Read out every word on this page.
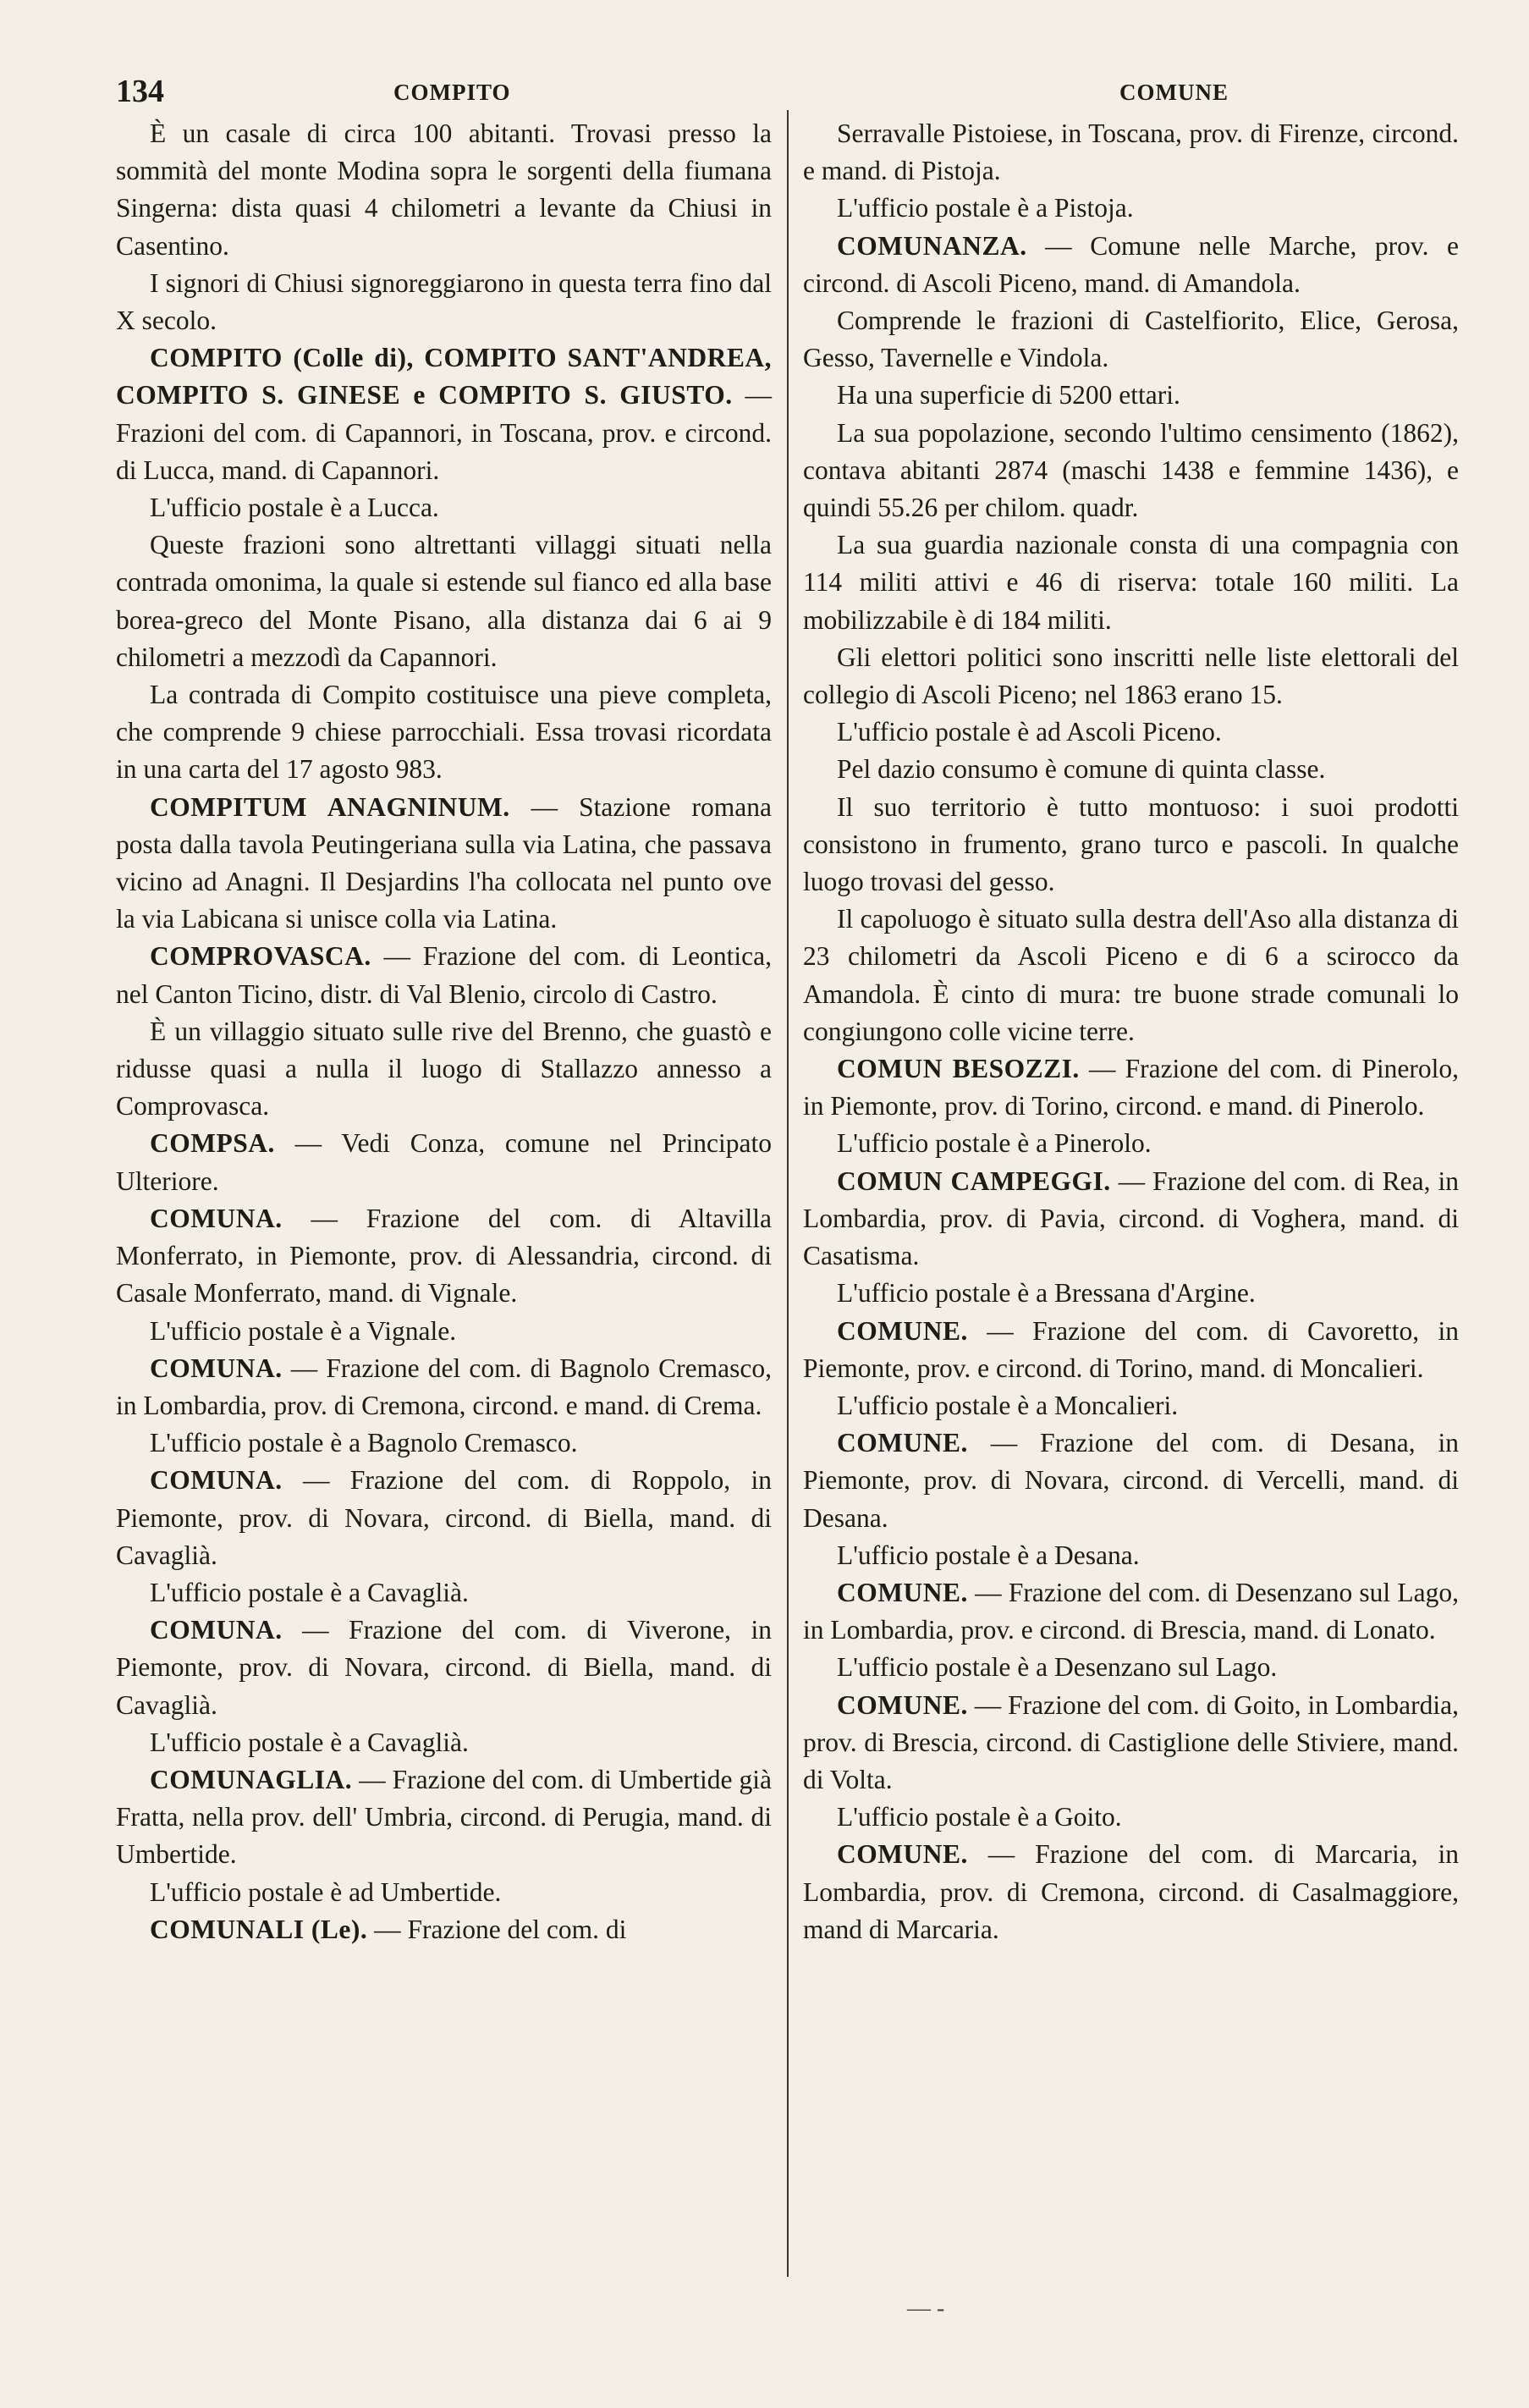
134	COMPITO	COMUNE

È un casale di circa 100 abitanti. Trovasi presso la sommità del monte Modina sopra le sorgenti della fiumana Singerna: dista quasi 4 chilometri a levante da Chiusi in Casentino.

I signori di Chiusi signoreggiarono in questa terra fino dal X secolo.

COMPITO (Colle di), COMPITO SANT'ANDREA, COMPITO S. GINESE e COMPITO S. GIUSTO. — Frazioni del com. di Capannori, in Toscana, prov. e circond. di Lucca, mand. di Capannori.

L'ufficio postale è a Lucca.

Queste frazioni sono altrettanti villaggi situati nella contrada omonima, la quale si estende sul fianco ed alla base borea-greco del Monte Pisano, alla distanza dai 6 ai 9 chilometri a mezzodì da Capannori.

La contrada di Compito costituisce una pieve completa, che comprende 9 chiese parrocchiali. Essa trovasi ricordata in una carta del 17 agosto 983.

COMPITUM ANAGNINUM. — Stazione romana posta dalla tavola Peutingeriana sulla via Latina, che passava vicino ad Anagni. Il Desjardins l'ha collocata nel punto ove la via Labicana si unisce colla via Latina.

COMPROVASCA. — Frazione del com. di Leontica, nel Canton Ticino, distr. di Val Blenio, circolo di Castro.

È un villaggio situato sulle rive del Brenno, che guastò e ridusse quasi a nulla il luogo di Stallazzo annesso a Comprovasca.

COMPSA. — Vedi Conza, comune nel Principato Ulteriore.

COMUNA. — Frazione del com. di Altavilla Monferrato, in Piemonte, prov. di Alessandria, circond. di Casale Monferrato, mand. di Vignale.

L'ufficio postale è a Vignale.

COMUNA. — Frazione del com. di Bagnolo Cremasco, in Lombardia, prov. di Cremona, circond. e mand. di Crema.

L'ufficio postale è a Bagnolo Cremasco.

COMUNA. — Frazione del com. di Roppolo, in Piemonte, prov. di Novara, circond. di Biella, mand. di Cavaglià.

L'ufficio postale è a Cavaglià.

COMUNA. — Frazione del com. di Viverone, in Piemonte, prov. di Novara, circond. di Biella, mand. di Cavaglià.

L'ufficio postale è a Cavaglià.

COMUNAGLIA. — Frazione del com. di Umbertide già Fratta, nella prov. dell' Umbria, circond. di Perugia, mand. di Umbertide.

L'ufficio postale è ad Umbertide.

COMUNALI (Le). — Frazione del com. di

Serravalle Pistoiese, in Toscana, prov. di Firenze, circond. e mand. di Pistoja.

L'ufficio postale è a Pistoja.

COMUNANZA. — Comune nelle Marche, prov. e circond. di Ascoli Piceno, mand. di Amandola.

Comprende le frazioni di Castelfiorito, Elice, Gerosa, Gesso, Tavernelle e Vindola.

Ha una superficie di 5200 ettari.

La sua popolazione, secondo l'ultimo censimento (1862), contava abitanti 2874 (maschi 1438 e femmine 1436), e quindi 55.26 per chilom. quadr.

La sua guardia nazionale consta di una compagnia con 114 militi attivi e 46 di riserva: totale 160 militi. La mobilizzabile è di 184 militi.

Gli elettori politici sono inscritti nelle liste elettorali del collegio di Ascoli Piceno; nel 1863 erano 15.

L'ufficio postale è ad Ascoli Piceno.

Pel dazio consumo è comune di quinta classe.

Il suo territorio è tutto montuoso: i suoi prodotti consistono in frumento, grano turco e pascoli. In qualche luogo trovasi del gesso.

Il capoluogo è situato sulla destra dell'Aso alla distanza di 23 chilometri da Ascoli Piceno e di 6 a scirocco da Amandola. È cinto di mura: tre buone strade comunali lo congiungono colle vicine terre.

COMUN BESOZZI. — Frazione del com. di Pinerolo, in Piemonte, prov. di Torino, circond. e mand. di Pinerolo.

L'ufficio postale è a Pinerolo.

COMUN CAMPEGGI. — Frazione del com. di Rea, in Lombardia, prov. di Pavia, circond. di Voghera, mand. di Casatisma.

L'ufficio postale è a Bressana d'Argine.

COMUNE. — Frazione del com. di Cavoretto, in Piemonte, prov. e circond. di Torino, mand. di Moncalieri.

L'ufficio postale è a Moncalieri.

COMUNE. — Frazione del com. di Desana, in Piemonte, prov. di Novara, circond. di Vercelli, mand. di Desana.

L'ufficio postale è a Desana.

COMUNE. — Frazione del com. di Desenzano sul Lago, in Lombardia, prov. e circond. di Brescia, mand. di Lonato.

L'ufficio postale è a Desenzano sul Lago.

COMUNE. — Frazione del com. di Goito, in Lombardia, prov. di Brescia, circond. di Castiglione delle Stiviere, mand. di Volta.

L'ufficio postale è a Goito.

COMUNE. — Frazione del com. di Marcaria, in Lombardia, prov. di Cremona, circond. di Casalmaggiore, mand di Marcaria.

— -
